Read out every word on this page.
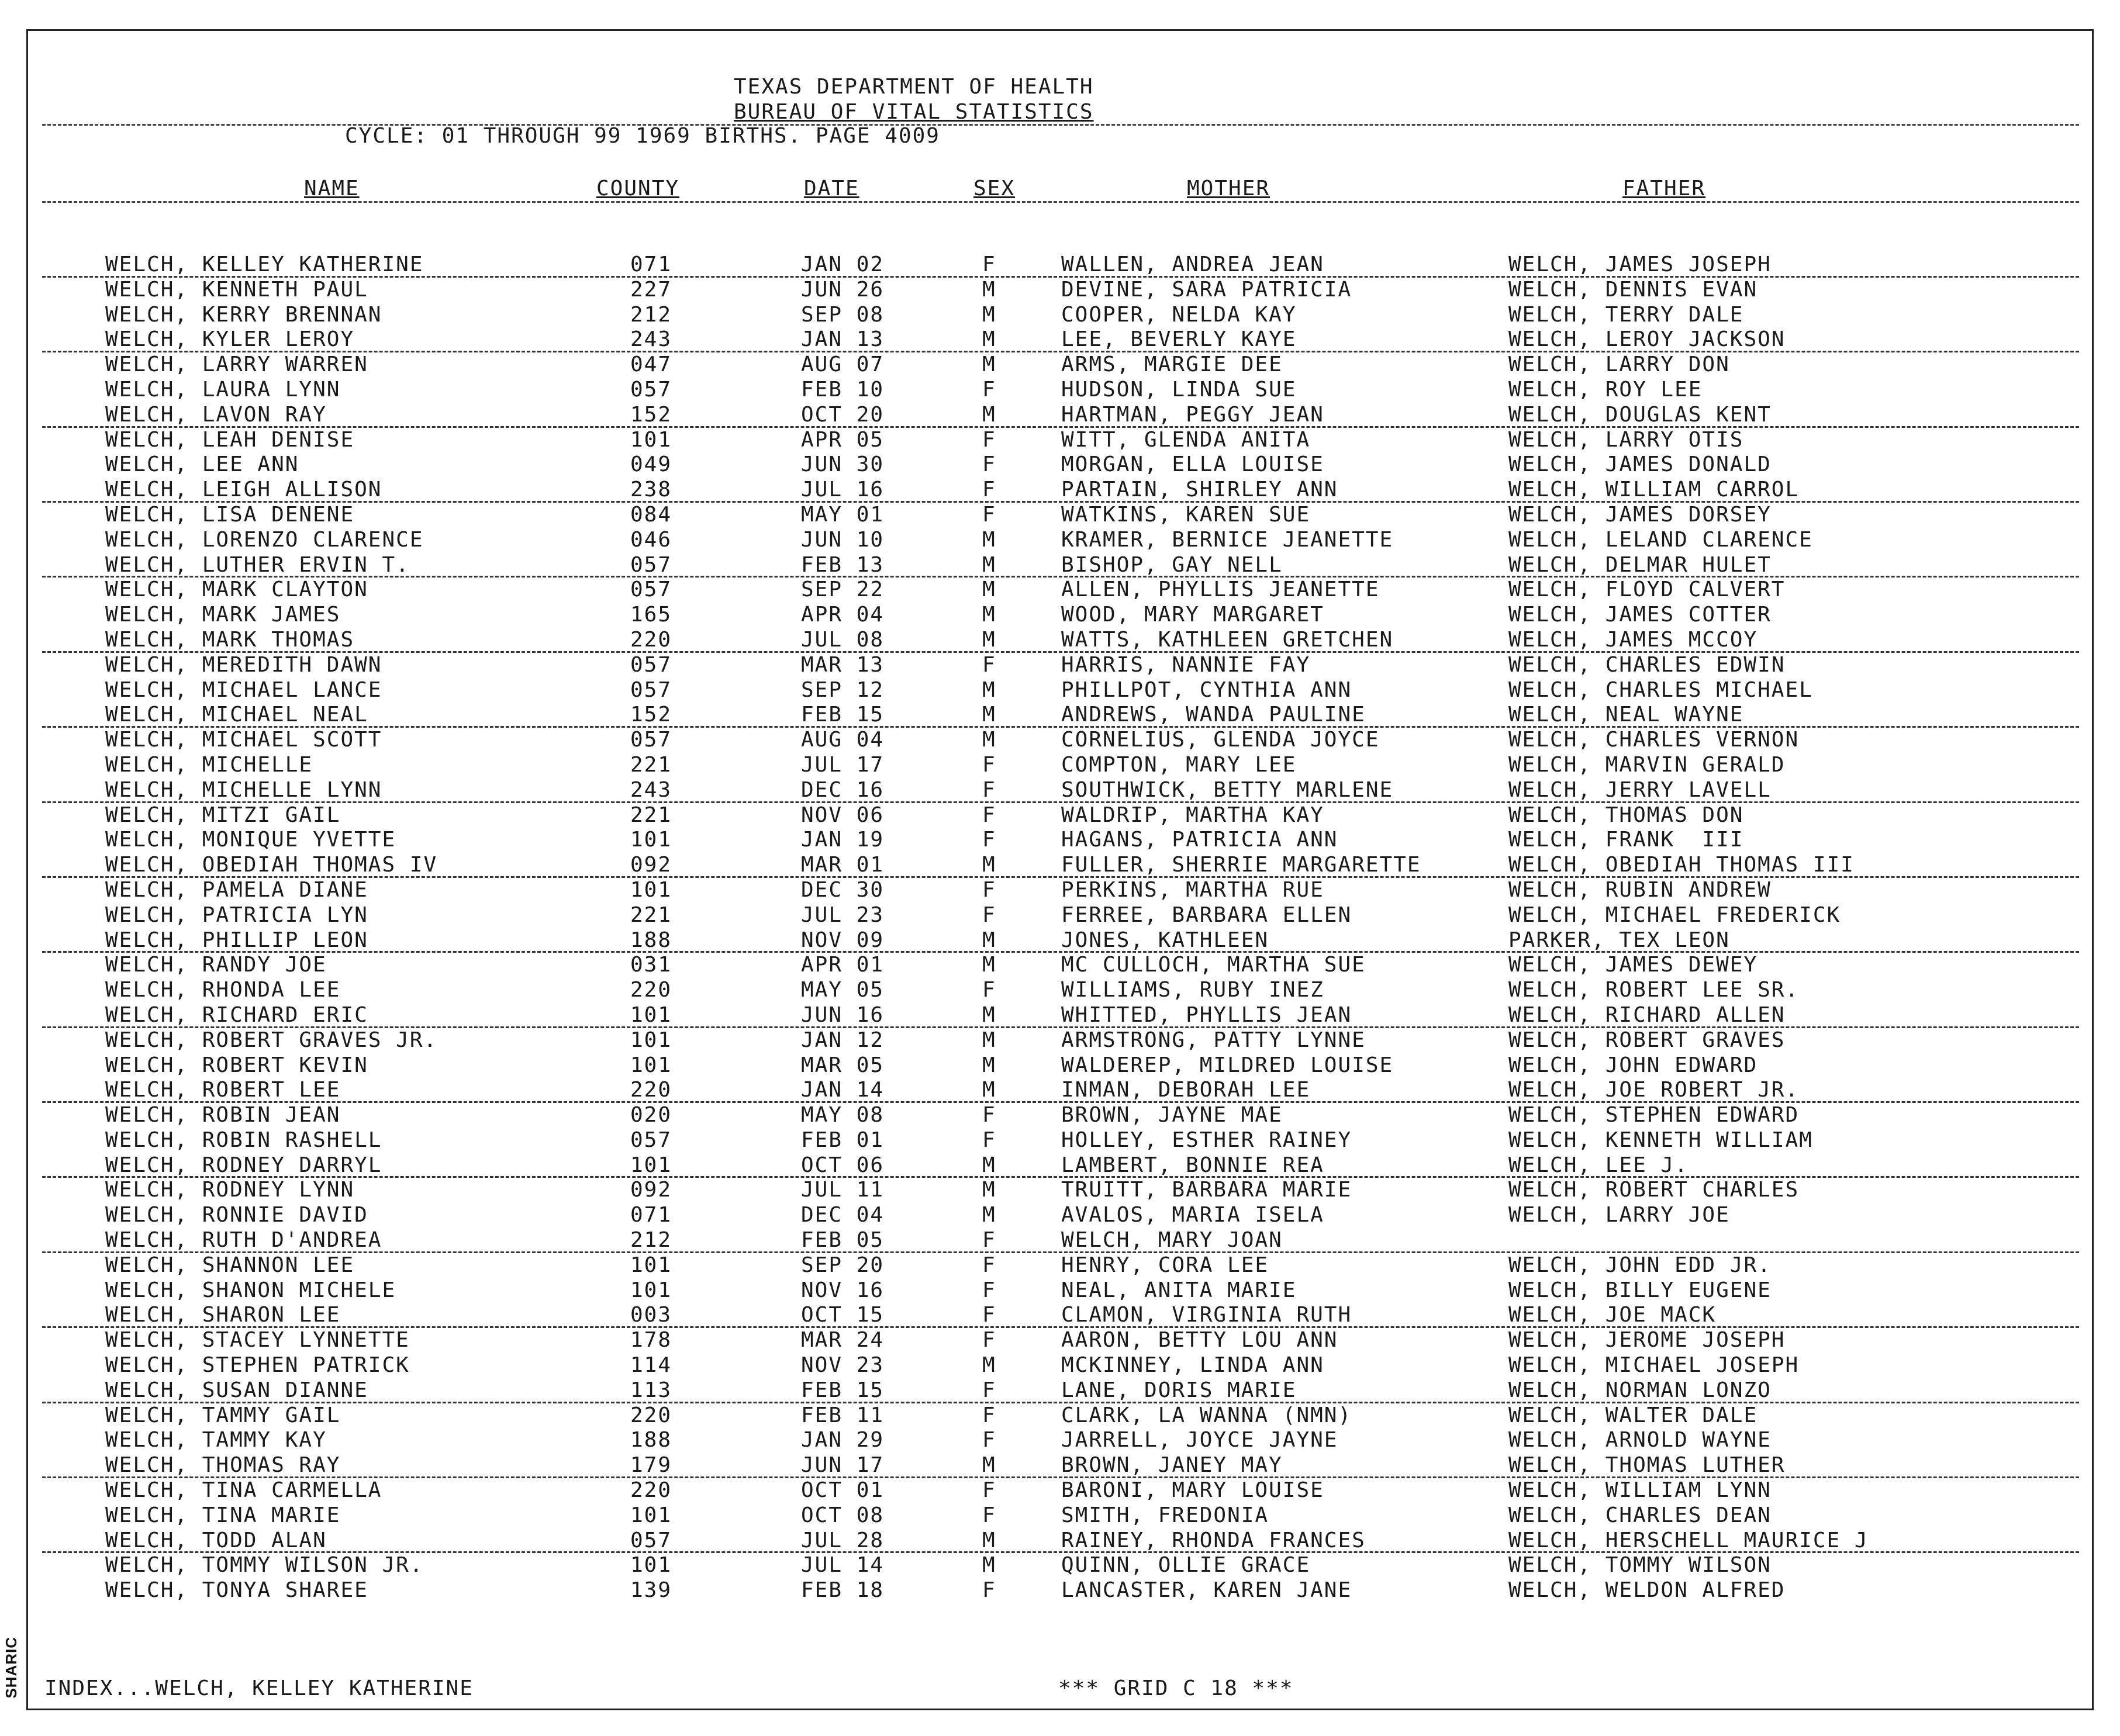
TEXAS DEPARTMENT OF HEALTH
BUREAU OF VITAL STATISTICS
CYCLE: 01 THROUGH 99 1969 BIRTHS. PAGE 4009
NAME	COUNTY	DATE	SEX	MOTHER	FATHER
WELCH, KELLEY KATHERINE	071	JAN 02	F	WALLEN, ANDREA JEAN	WELCH, JAMES JOSEPH
WELCH, KENNETH PAUL	227	JUN 26	M	DEVINE, SARA PATRICIA	WELCH, DENNIS EVAN
WELCH, KERRY BRENNAN	212	SEP 08	M	COOPER, NELDA KAY	WELCH, TERRY DALE
WELCH, KYLER LEROY	243	JAN 13	M	LEE, BEVERLY KAYE	WELCH, LEROY JACKSON
WELCH, LARRY WARREN	047	AUG 07	M	ARMS, MARGIE DEE	WELCH, LARRY DON
WELCH, LAURA LYNN	057	FEB 10	F	HUDSON, LINDA SUE	WELCH, ROY LEE
WELCH, LAVON RAY	152	OCT 20	M	HARTMAN, PEGGY JEAN	WELCH, DOUGLAS KENT
WELCH, LEAH DENISE	101	APR 05	F	WITT, GLENDA ANITA	WELCH, LARRY OTIS
WELCH, LEE ANN	049	JUN 30	F	MORGAN, ELLA LOUISE	WELCH, JAMES DONALD
WELCH, LEIGH ALLISON	238	JUL 16	F	PARTAIN, SHIRLEY ANN	WELCH, WILLIAM CARROL
WELCH, LISA DENENE	084	MAY 01	F	WATKINS, KAREN SUE	WELCH, JAMES DORSEY
WELCH, LORENZO CLARENCE	046	JUN 10	M	KRAMER, BERNICE JEANETTE	WELCH, LELAND CLARENCE
WELCH, LUTHER ERVIN T.	057	FEB 13	M	BISHOP, GAY NELL	WELCH, DELMAR HULET
WELCH, MARK CLAYTON	057	SEP 22	M	ALLEN, PHYLLIS JEANETTE	WELCH, FLOYD CALVERT
WELCH, MARK JAMES	165	APR 04	M	WOOD, MARY MARGARET	WELCH, JAMES COTTER
WELCH, MARK THOMAS	220	JUL 08	M	WATTS, KATHLEEN GRETCHEN	WELCH, JAMES MCCOY
WELCH, MEREDITH DAWN	057	MAR 13	F	HARRIS, NANNIE FAY	WELCH, CHARLES EDWIN
WELCH, MICHAEL LANCE	057	SEP 12	M	PHILLPOT, CYNTHIA ANN	WELCH, CHARLES MICHAEL
WELCH, MICHAEL NEAL	152	FEB 15	M	ANDREWS, WANDA PAULINE	WELCH, NEAL WAYNE
WELCH, MICHAEL SCOTT	057	AUG 04	M	CORNELIUS, GLENDA JOYCE	WELCH, CHARLES VERNON
WELCH, MICHELLE	221	JUL 17	F	COMPTON, MARY LEE	WELCH, MARVIN GERALD
WELCH, MICHELLE LYNN	243	DEC 16	F	SOUTHWICK, BETTY MARLENE	WELCH, JERRY LAVELL
WELCH, MITZI GAIL	221	NOV 06	F	WALDRIP, MARTHA KAY	WELCH, THOMAS DON
WELCH, MONIQUE YVETTE	101	JAN 19	F	HAGANS, PATRICIA ANN	WELCH, FRANK  III
WELCH, OBEDIAH THOMAS IV	092	MAR 01	M	FULLER, SHERRIE MARGARETTE	WELCH, OBEDIAH THOMAS III
WELCH, PAMELA DIANE	101	DEC 30	F	PERKINS, MARTHA RUE	WELCH, RUBIN ANDREW
WELCH, PATRICIA LYN	221	JUL 23	F	FERREE, BARBARA ELLEN	WELCH, MICHAEL FREDERICK
WELCH, PHILLIP LEON	188	NOV 09	M	JONES, KATHLEEN	PARKER, TEX LEON
WELCH, RANDY JOE	031	APR 01	M	MC CULLOCH, MARTHA SUE	WELCH, JAMES DEWEY
WELCH, RHONDA LEE	220	MAY 05	F	WILLIAMS, RUBY INEZ	WELCH, ROBERT LEE SR.
WELCH, RICHARD ERIC	101	JUN 16	M	WHITTED, PHYLLIS JEAN	WELCH, RICHARD ALLEN
WELCH, ROBERT GRAVES JR.	101	JAN 12	M	ARMSTRONG, PATTY LYNNE	WELCH, ROBERT GRAVES
WELCH, ROBERT KEVIN	101	MAR 05	M	WALDEREP, MILDRED LOUISE	WELCH, JOHN EDWARD
WELCH, ROBERT LEE	220	JAN 14	M	INMAN, DEBORAH LEE	WELCH, JOE ROBERT JR.
WELCH, ROBIN JEAN	020	MAY 08	F	BROWN, JAYNE MAE	WELCH, STEPHEN EDWARD
WELCH, ROBIN RASHELL	057	FEB 01	F	HOLLEY, ESTHER RAINEY	WELCH, KENNETH WILLIAM
WELCH, RODNEY DARRYL	101	OCT 06	M	LAMBERT, BONNIE REA	WELCH, LEE J.
WELCH, RODNEY LYNN	092	JUL 11	M	TRUITT, BARBARA MARIE	WELCH, ROBERT CHARLES
WELCH, RONNIE DAVID	071	DEC 04	M	AVALOS, MARIA ISELA	WELCH, LARRY JOE
WELCH, RUTH D'ANDREA	212	FEB 05	F	WELCH, MARY JOAN
WELCH, SHANNON LEE	101	SEP 20	F	HENRY, CORA LEE	WELCH, JOHN EDD JR.
WELCH, SHANON MICHELE	101	NOV 16	F	NEAL, ANITA MARIE	WELCH, BILLY EUGENE
WELCH, SHARON LEE	003	OCT 15	F	CLAMON, VIRGINIA RUTH	WELCH, JOE MACK
WELCH, STACEY LYNNETTE	178	MAR 24	F	AARON, BETTY LOU ANN	WELCH, JEROME JOSEPH
WELCH, STEPHEN PATRICK	114	NOV 23	M	MCKINNEY, LINDA ANN	WELCH, MICHAEL JOSEPH
WELCH, SUSAN DIANNE	113	FEB 15	F	LANE, DORIS MARIE	WELCH, NORMAN LONZO
WELCH, TAMMY GAIL	220	FEB 11	F	CLARK, LA WANNA (NMN)	WELCH, WALTER DALE
WELCH, TAMMY KAY	188	JAN 29	F	JARRELL, JOYCE JAYNE	WELCH, ARNOLD WAYNE
WELCH, THOMAS RAY	179	JUN 17	M	BROWN, JANEY MAY	WELCH, THOMAS LUTHER
WELCH, TINA CARMELLA	220	OCT 01	F	BARONI, MARY LOUISE	WELCH, WILLIAM LYNN
WELCH, TINA MARIE	101	OCT 08	F	SMITH, FREDONIA	WELCH, CHARLES DEAN
WELCH, TODD ALAN	057	JUL 28	M	RAINEY, RHONDA FRANCES	WELCH, HERSCHELL MAURICE J
WELCH, TOMMY WILSON JR.	101	JUL 14	M	QUINN, OLLIE GRACE	WELCH, TOMMY WILSON
WELCH, TONYA SHAREE	139	FEB 18	F	LANCASTER, KAREN JANE	WELCH, WELDON ALFRED
INDEX...WELCH, KELLEY KATHERINE	*** GRID C 18 ***
SHARIC
